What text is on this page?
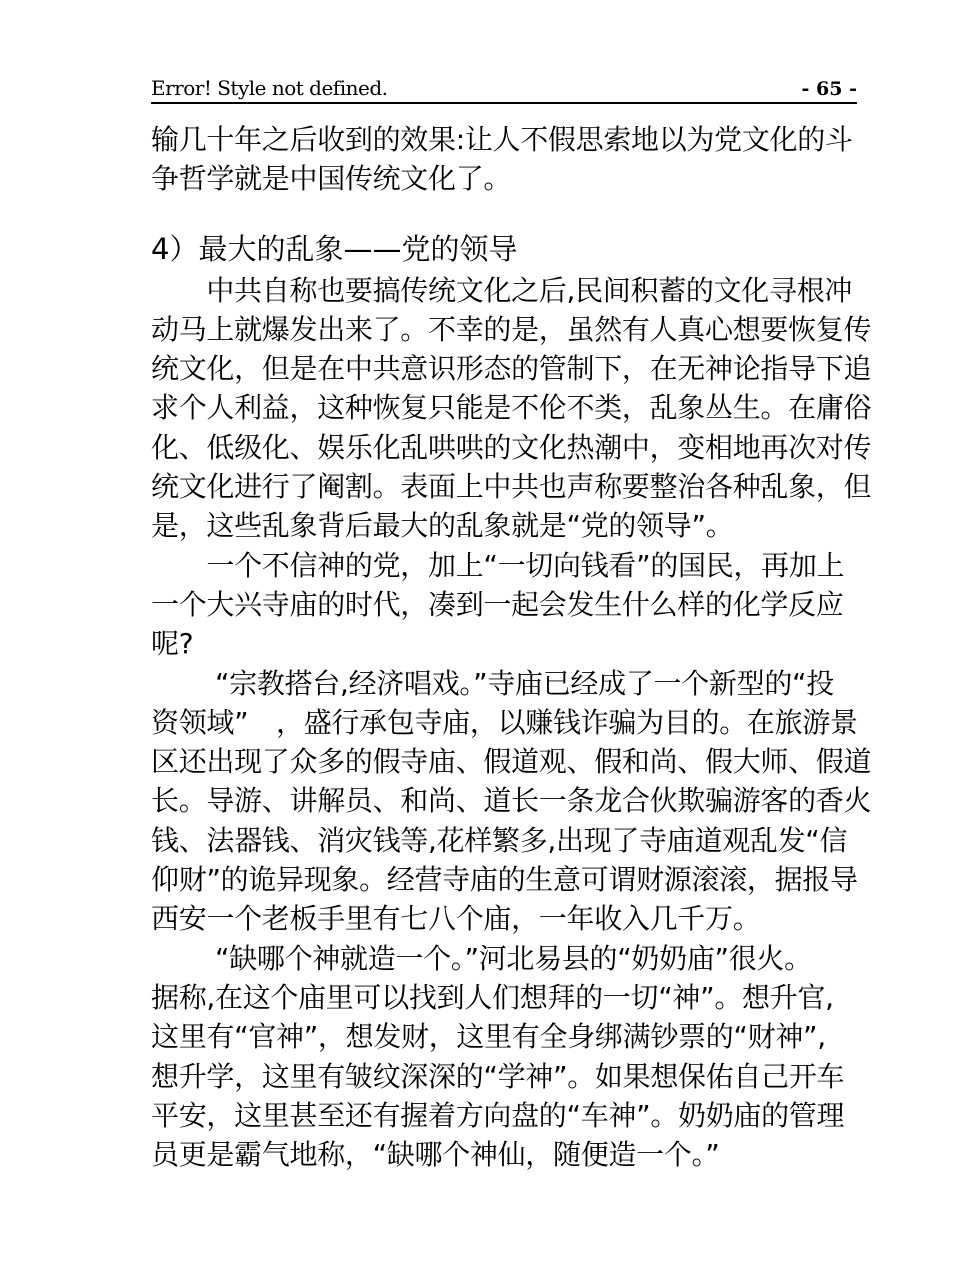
Error! Style not defined.	- 65 -
输几十年之后收到的效果:让人不假思索地以为党文化的斗
争哲学就是中国传统文化了。
4）最大的乱象——党的领导
　　中共自称也要搞传统文化之后,民间积蓄的文化寻根冲
动马上就爆发出来了。不幸的是，虽然有人真心想要恢复传
统文化，但是在中共意识形态的管制下，在无神论指导下追
求个人利益，这种恢复只能是不伦不类，乱象丛生。在庸俗
化、低级化、娱乐化乱哄哄的文化热潮中，变相地再次对传
统文化进行了阉割。表面上中共也声称要整治各种乱象，但
是，这些乱象背后最大的乱象就是“党的领导”。
　　一个不信神的党，加上“一切向钱看”的国民，再加上
一个大兴寺庙的时代，凑到一起会发生什么样的化学反应
呢?
　　 “宗教搭台,经济唱戏。”寺庙已经成了一个新型的“投
资领域”　，盛行承包寺庙，以赚钱诈骗为目的。在旅游景
区还出现了众多的假寺庙、假道观、假和尚、假大师、假道
长。导游、讲解员、和尚、道长一条龙合伙欺骗游客的香火
钱、法器钱、消灾钱等,花样繁多,出现了寺庙道观乱发“信
仰财”的诡异现象。经营寺庙的生意可谓财源滚滚，据报导
西安一个老板手里有七八个庙，一年收入几千万。
　　 “缺哪个神就造一个。”河北易县的“奶奶庙”很火。
据称,在这个庙里可以找到人们想拜的一切“神”。想升官,
这里有“官神”，想发财，这里有全身绑满钞票的“财神”,
想升学，这里有皱纹深深的“学神”。如果想保佑自己开车
平安，这里甚至还有握着方向盘的“车神”。奶奶庙的管理
员更是霸气地称，“缺哪个神仙，随便造一个。”
